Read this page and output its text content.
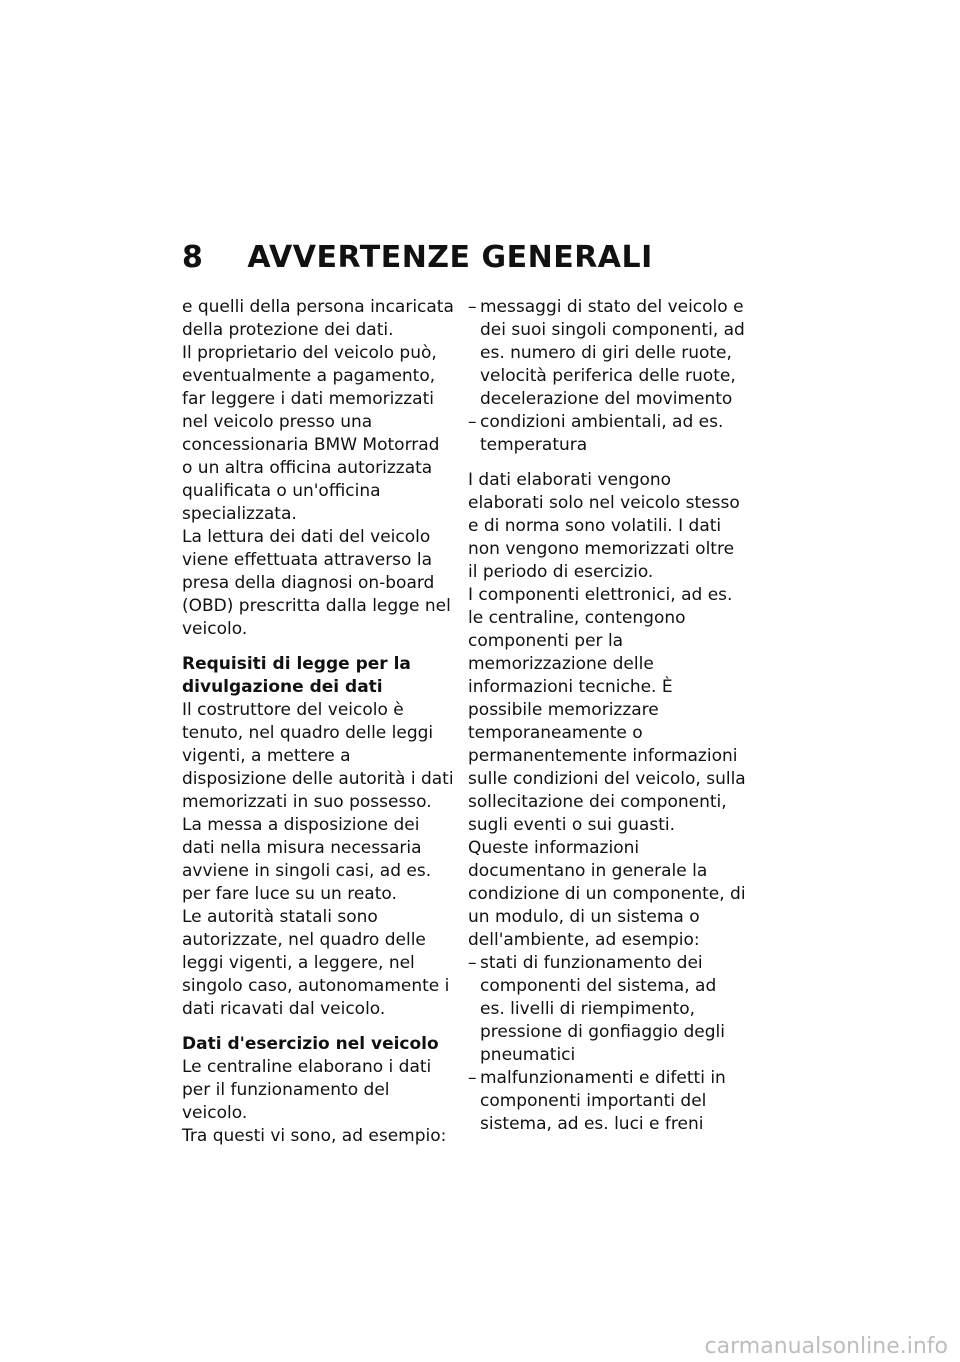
8 AVVERTENZE GENERALI

e quelli della persona incaricata della protezione dei dati.

Il proprietario del veicolo può, eventualmente a pagamento, far leggere i dati memorizzati nel veicolo presso una concessionaria BMW Motorrad o un altra officina autorizzata qualificata o un'officina specializzata.

La lettura dei dati del veicolo viene effettuata attraverso la presa della diagnosi on-board (OBD) prescritta dalla legge nel veicolo.

Requisiti di legge per la divulgazione dei dati

Il costruttore del veicolo è tenuto, nel quadro delle leggi vigenti, a mettere a disposizione delle autorità i dati memorizzati in suo possesso. La messa a disposizione dei dati nella misura necessaria avviene in singoli casi, ad es. per fare luce su un reato.

Le autorità statali sono autorizzate, nel quadro delle leggi vigenti, a leggere, nel singolo caso, autonomamente i dati ricavati dal veicolo.

Dati d'esercizio nel veicolo

Le centraline elaborano i dati per il funzionamento del veicolo.

Tra questi vi sono, ad esempio:

– messaggi di stato del veicolo e dei suoi singoli componenti, ad es. numero di giri delle ruote, velocità periferica delle ruote, decelerazione del movimento
– condizioni ambientali, ad es. temperatura

I dati elaborati vengono elaborati solo nel veicolo stesso e di norma sono volatili. I dati non vengono memorizzati oltre il periodo di esercizio.

I componenti elettronici, ad es. le centraline, contengono componenti per la memorizzazione delle informazioni tecniche. È possibile memorizzare temporaneamente o permanentemente informazioni sulle condizioni del veicolo, sulla sollecitazione dei componenti, sugli eventi o sui guasti.

Queste informazioni documentano in generale la condizione di un componente, di un modulo, di un sistema o dell'ambiente, ad esempio:

– stati di funzionamento dei componenti del sistema, ad es. livelli di riempimento, pressione di gonfiaggio degli pneumatici
– malfunzionamenti e difetti in componenti importanti del sistema, ad es. luci e freni
carmanualsonline.info
